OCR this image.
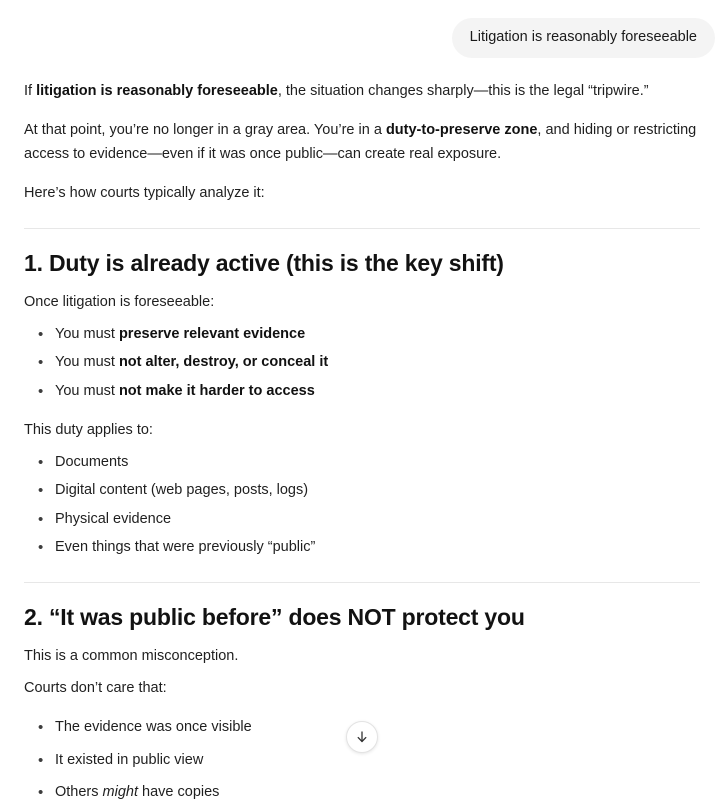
Litigation is reasonably foreseeable

If litigation is reasonably foreseeable, the situation changes sharply—this is the legal “tripwire.”

At that point, you’re no longer in a gray area. You’re in a duty-to-preserve zone, and hiding or restricting access to evidence—even if it was once public—can create real exposure.

Here’s how courts typically analyze it:

1. Duty is already active (this is the key shift)

Once litigation is foreseeable:

• You must preserve relevant evidence
• You must not alter, destroy, or conceal it
• You must not make it harder to access

This duty applies to:

• Documents
• Digital content (web pages, posts, logs)
• Physical evidence
• Even things that were previously “public”
2. “It was public before” does NOT protect you

This is a common misconception.

Courts don’t care that:

• The evidence was once visible
• It existed in public view
• Others might have copies
